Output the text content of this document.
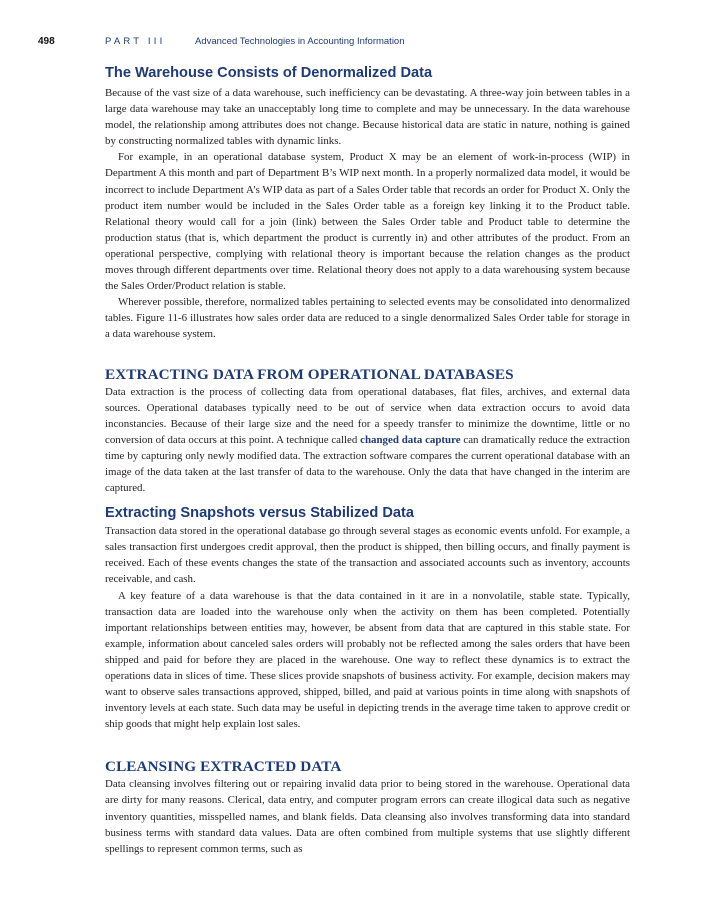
498	PART III	Advanced Technologies in Accounting Information
The Warehouse Consists of Denormalized Data

Because of the vast size of a data warehouse, such inefficiency can be devastating. A three-way join between tables in a large data warehouse may take an unacceptably long time to complete and may be unnecessary. In the data warehouse model, the relationship among attributes does not change. Because historical data are static in nature, nothing is gained by constructing normalized tables with dynamic links.

For example, in an operational database system, Product X may be an element of work-in-process (WIP) in Department A this month and part of Department B’s WIP next month. In a properly normalized data model, it would be incorrect to include Department A’s WIP data as part of a Sales Order table that records an order for Product X. Only the product item number would be included in the Sales Order table as a foreign key linking it to the Product table. Relational theory would call for a join (link) between the Sales Order table and Product table to determine the production status (that is, which department the product is currently in) and other attributes of the product. From an operational perspective, complying with relational theory is important because the relation changes as the product moves through different departments over time. Relational theory does not apply to a data warehousing system because the Sales Order/Product relation is stable.

Wherever possible, therefore, normalized tables pertaining to selected events may be consolidated into denormalized tables. Figure 11-6 illustrates how sales order data are reduced to a single denormalized Sales Order table for storage in a data warehouse system.

EXTRACTING DATA FROM OPERATIONAL DATABASES

Data extraction is the process of collecting data from operational databases, flat files, archives, and external data sources. Operational databases typically need to be out of service when data extraction occurs to avoid data inconstancies. Because of their large size and the need for a speedy transfer to minimize the downtime, little or no conversion of data occurs at this point. A technique called changed data capture can dramatically reduce the extraction time by capturing only newly modified data. The extraction software compares the current operational database with an image of the data taken at the last transfer of data to the warehouse. Only the data that have changed in the interim are captured.

Extracting Snapshots versus Stabilized Data

Transaction data stored in the operational database go through several stages as economic events unfold. For example, a sales transaction first undergoes credit approval, then the product is shipped, then billing occurs, and finally payment is received. Each of these events changes the state of the transaction and associated accounts such as inventory, accounts receivable, and cash.

A key feature of a data warehouse is that the data contained in it are in a nonvolatile, stable state. Typically, transaction data are loaded into the warehouse only when the activity on them has been completed. Potentially important relationships between entities may, however, be absent from data that are captured in this stable state. For example, information about canceled sales orders will probably not be reflected among the sales orders that have been shipped and paid for before they are placed in the warehouse. One way to reflect these dynamics is to extract the operations data in slices of time. These slices provide snapshots of business activity. For example, decision makers may want to observe sales transactions approved, shipped, billed, and paid at various points in time along with snapshots of inventory levels at each state. Such data may be useful in depicting trends in the average time taken to approve credit or ship goods that might help explain lost sales.

CLEANSING EXTRACTED DATA

Data cleansing involves filtering out or repairing invalid data prior to being stored in the warehouse. Operational data are dirty for many reasons. Clerical, data entry, and computer program errors can create illogical data such as negative inventory quantities, misspelled names, and blank fields. Data cleansing also involves transforming data into standard business terms with standard data values. Data are often combined from multiple systems that use slightly different spellings to represent common terms, such as
